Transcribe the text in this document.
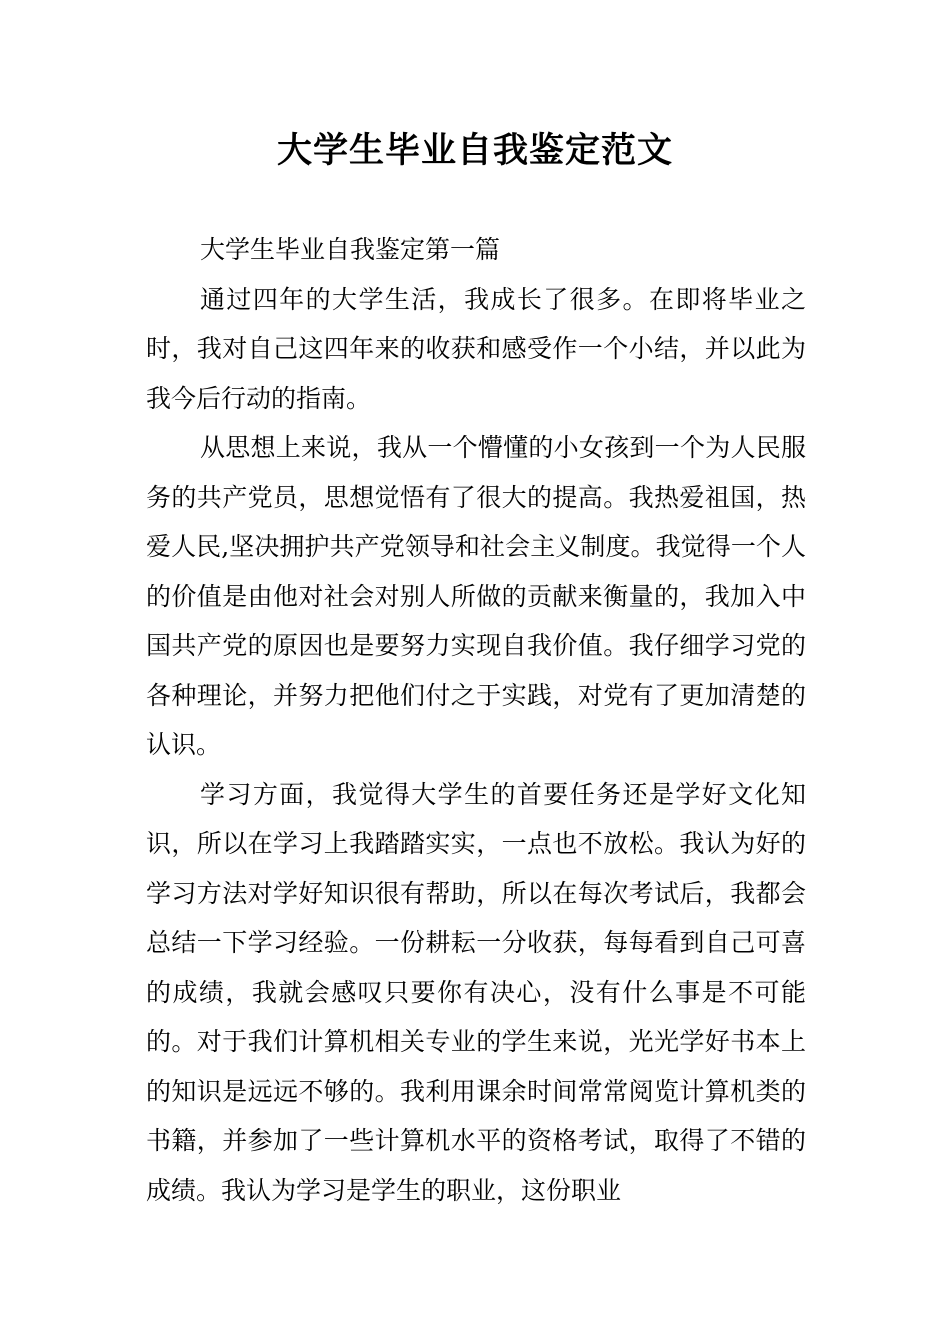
大学生毕业自我鉴定范文

大学生毕业自我鉴定第一篇

通过四年的大学生活，我成长了很多。在即将毕业之时，我对自己这四年来的收获和感受作一个小结，并以此为我今后行动的指南。

从思想上来说，我从一个懵懂的小女孩到一个为人民服务的共产党员，思想觉悟有了很大的提高。我热爱祖国，热爱人民,坚决拥护共产党领导和社会主义制度。我觉得一个人的价值是由他对社会对别人所做的贡献来衡量的，我加入中国共产党的原因也是要努力实现自我价值。我仔细学习党的各种理论，并努力把他们付之于实践，对党有了更加清楚的认识。

学习方面，我觉得大学生的首要任务还是学好文化知识，所以在学习上我踏踏实实，一点也不放松。我认为好的学习方法对学好知识很有帮助，所以在每次考试后，我都会总结一下学习经验。一份耕耘一分收获，每每看到自己可喜的成绩，我就会感叹只要你有决心，没有什么事是不可能的。对于我们计算机相关专业的学生来说，光光学好书本上的知识是远远不够的。我利用课余时间常常阅览计算机类的书籍，并参加了一些计算机水平的资格考试，取得了不错的成绩。我认为学习是学生的职业，这份职业
